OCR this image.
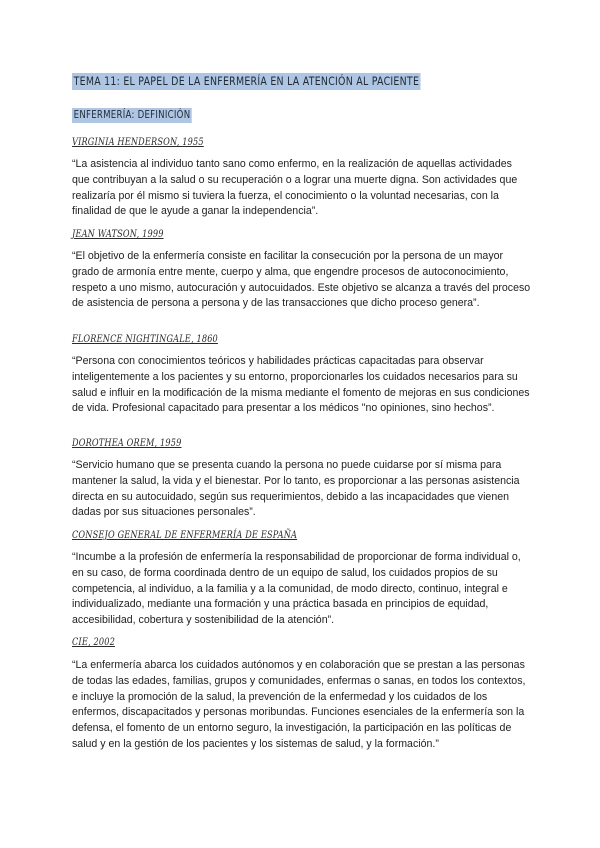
TEMA 11: EL PAPEL DE LA ENFERMERÍA EN LA ATENCIÓN AL PACIENTE
ENFERMERÍA: DEFINICIÓN
VIRGINIA HENDERSON, 1955
“La asistencia al individuo tanto sano como enfermo, en la realización de aquellas actividades que contribuyan a la salud o su recuperación o a lograr una muerte digna. Son actividades que realizaría por él mismo si tuviera la fuerza, el conocimiento o la voluntad necesarias, con la finalidad de que le ayude a ganar la independencia”.
JEAN WATSON, 1999
“El objetivo de la enfermería consiste en facilitar la consecución por la persona de un mayor grado de armonía entre mente, cuerpo y alma, que engendre procesos de autoconocimiento, respeto a uno mismo, autocuración y autocuidados. Este objetivo se alcanza a través del proceso de asistencia de persona a persona y de las transacciones que dicho proceso genera”.
FLORENCE NIGHTINGALE, 1860
“Persona con conocimientos teóricos y habilidades prácticas capacitadas para observar inteligentemente a los pacientes y su entorno, proporcionarles los cuidados necesarios para su salud e influir en la modificación de la misma mediante el fomento de mejoras en sus condiciones de vida. Profesional capacitado para presentar a los médicos "no opiniones, sino hechos”.
DOROTHEA OREM, 1959
“Servicio humano que se presenta cuando la persona no puede cuidarse por sí misma para mantener la salud, la vida y el bienestar. Por lo tanto, es proporcionar a las personas asistencia directa en su autocuidado, según sus requerimientos, debido a las incapacidades que vienen dadas por sus situaciones personales”.
CONSEJO GENERAL DE ENFERMERÍA DE ESPAÑA
“Incumbe a la profesión de enfermería la responsabilidad de proporcionar de forma individual o, en su caso, de forma coordinada dentro de un equipo de salud, los cuidados propios de su competencia, al individuo, a la familia y a la comunidad, de modo directo, continuo, integral e individualizado, mediante una formación y una práctica basada en principios de equidad, accesibilidad, cobertura y sostenibilidad de la atención”.
CIE, 2002
“La enfermería abarca los cuidados autónomos y en colaboración que se prestan a las personas de todas las edades, familias, grupos y comunidades, enfermas o sanas, en todos los contextos, e incluye la promoción de la salud, la prevención de la enfermedad y los cuidados de los enfermos, discapacitados y personas moribundas. Funciones esenciales de la enfermería son la defensa, el fomento de un entorno seguro, la investigación, la participación en las políticas de salud y en la gestión de los pacientes y los sistemas de salud, y la formación.”
